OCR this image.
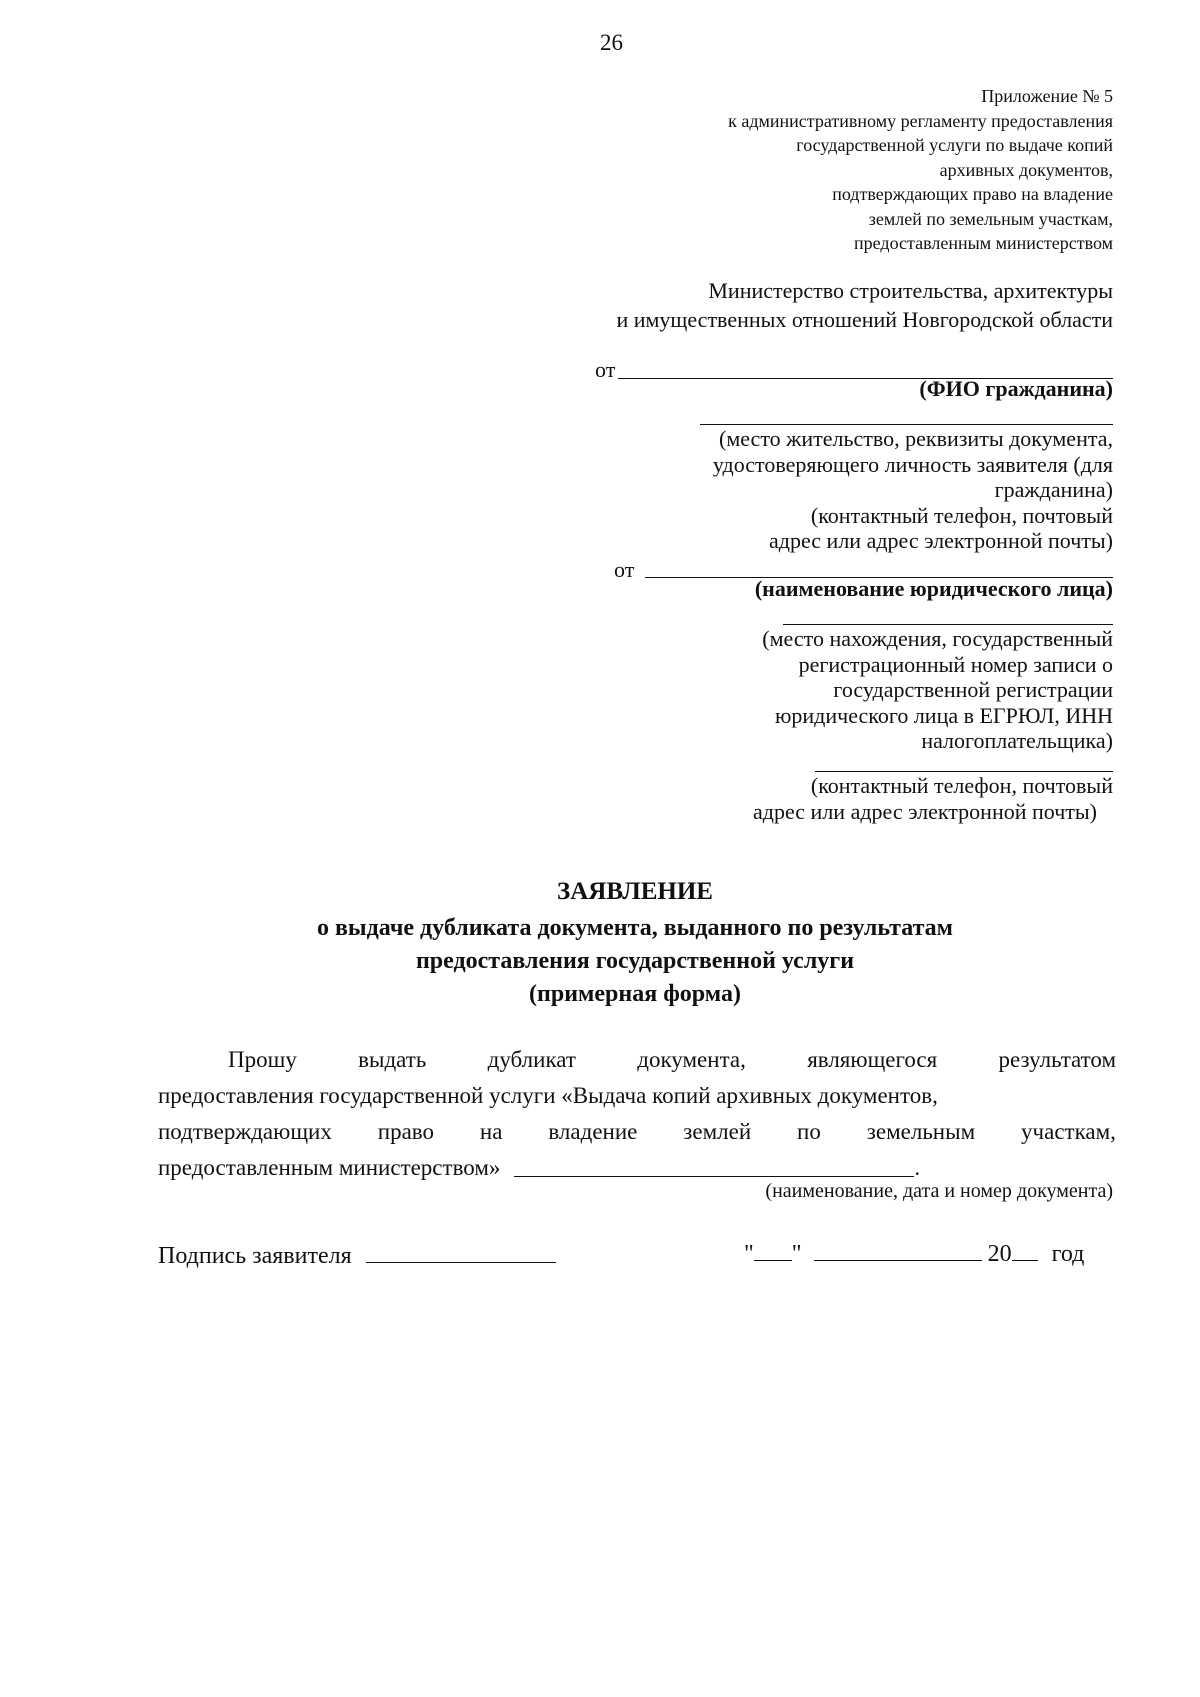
26
Приложение № 5
к административному регламенту предоставления
государственной услуги по выдаче копий
архивных документов,
подтверждающих право на владение
землей по земельным участкам,
предоставленным министерством
Министерство строительства, архитектуры
и имущественных отношений Новгородской области
от
(ФИО гражданина)
(место жительство, реквизиты документа,
удостоверяющего личность заявителя (для
гражданина)
(контактный телефон, почтовый
адрес или адрес электронной почты)
от
(наименование юридического лица)
(место нахождения, государственный
регистрационный номер записи о
государственной регистрации
юридического лица в ЕГРЮЛ, ИНН
налогоплательщика)
(контактный телефон, почтовый
адрес или адрес электронной почты)
ЗАЯВЛЕНИЕ
о выдаче дубликата документа, выданного по результатам
предоставления государственной услуги
(примерная форма)
Прошу	выдать	дубликат	документа,	являющегося	результатом
предоставления государственной услуги «Выдача копий архивных документов,
подтверждающих право на владение землей по земельным участкам,
предоставленным министерством»	.
(наименование, дата и номер документа)
Подпись заявителя	" "	20 год
